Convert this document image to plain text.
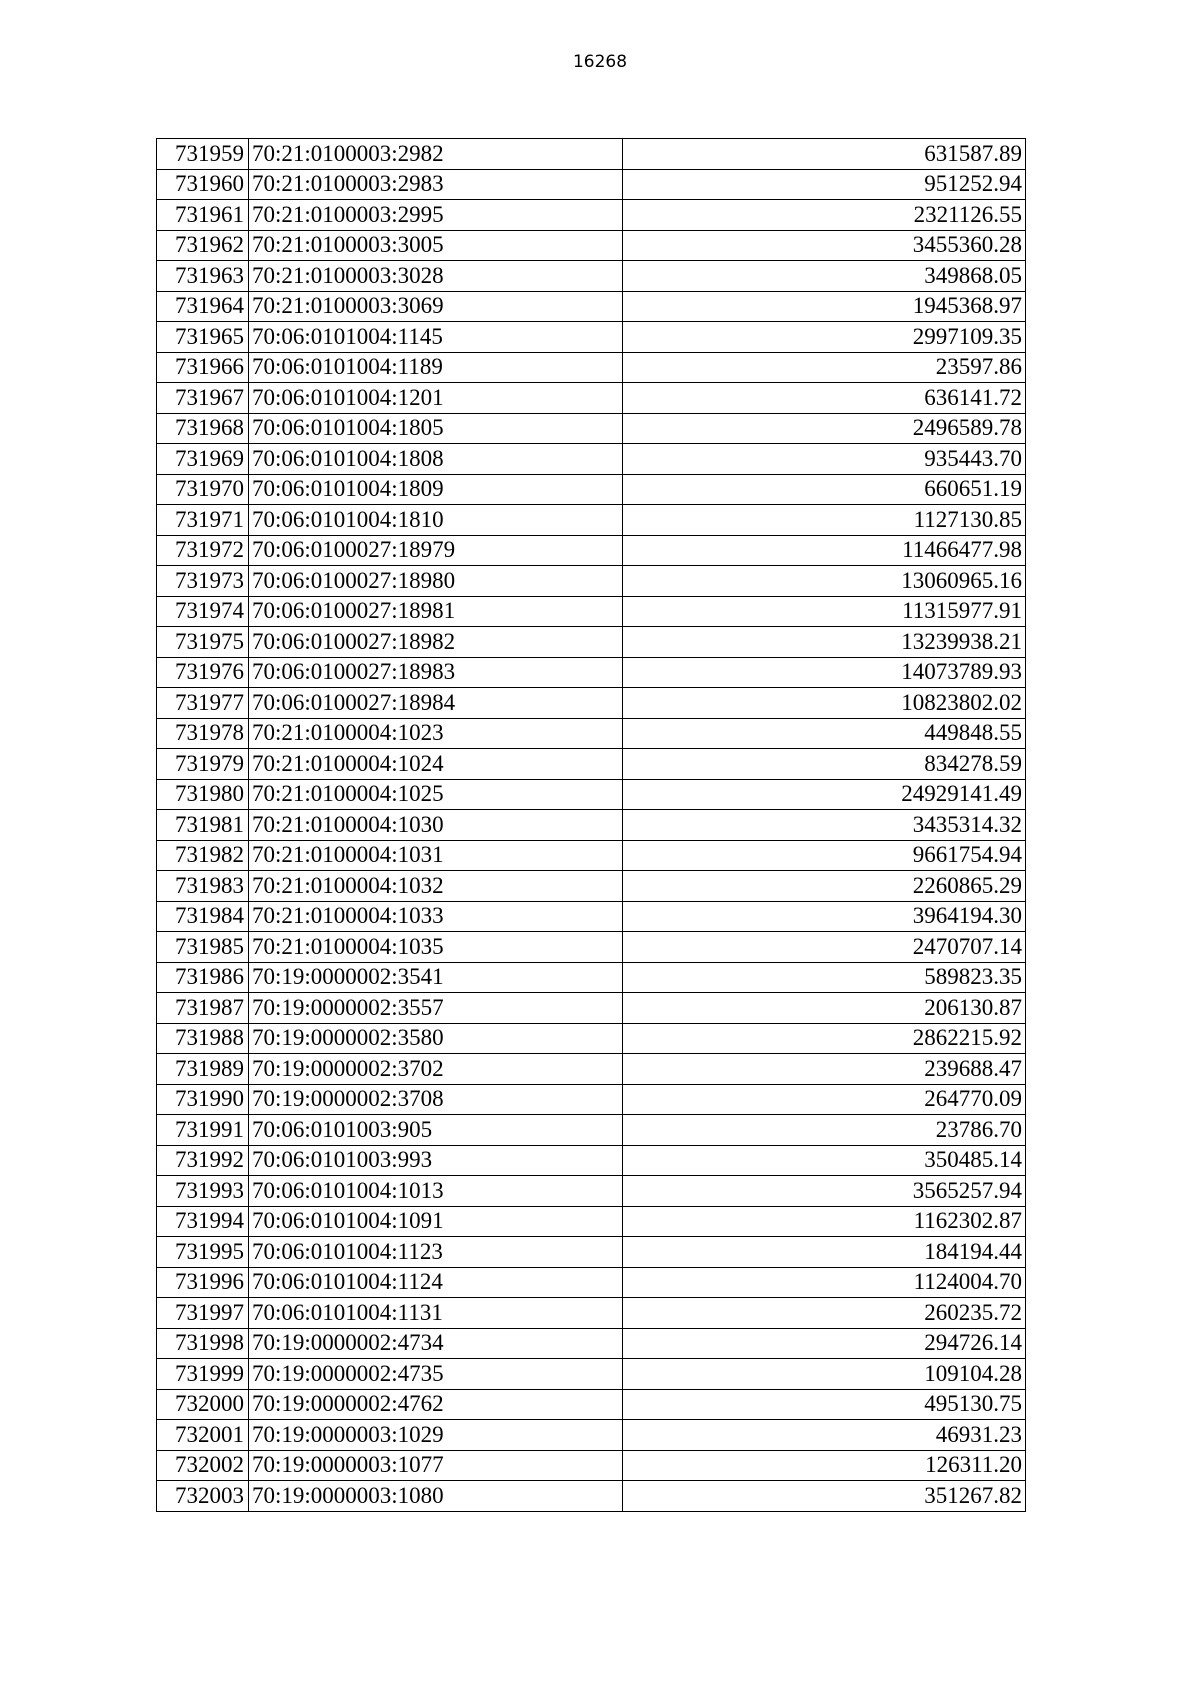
16268
731959	70:21:0100003:2982	631587.89
731960	70:21:0100003:2983	951252.94
731961	70:21:0100003:2995	2321126.55
731962	70:21:0100003:3005	3455360.28
731963	70:21:0100003:3028	349868.05
731964	70:21:0100003:3069	1945368.97
731965	70:06:0101004:1145	2997109.35
731966	70:06:0101004:1189	23597.86
731967	70:06:0101004:1201	636141.72
731968	70:06:0101004:1805	2496589.78
731969	70:06:0101004:1808	935443.70
731970	70:06:0101004:1809	660651.19
731971	70:06:0101004:1810	1127130.85
731972	70:06:0100027:18979	11466477.98
731973	70:06:0100027:18980	13060965.16
731974	70:06:0100027:18981	11315977.91
731975	70:06:0100027:18982	13239938.21
731976	70:06:0100027:18983	14073789.93
731977	70:06:0100027:18984	10823802.02
731978	70:21:0100004:1023	449848.55
731979	70:21:0100004:1024	834278.59
731980	70:21:0100004:1025	24929141.49
731981	70:21:0100004:1030	3435314.32
731982	70:21:0100004:1031	9661754.94
731983	70:21:0100004:1032	2260865.29
731984	70:21:0100004:1033	3964194.30
731985	70:21:0100004:1035	2470707.14
731986	70:19:0000002:3541	589823.35
731987	70:19:0000002:3557	206130.87
731988	70:19:0000002:3580	2862215.92
731989	70:19:0000002:3702	239688.47
731990	70:19:0000002:3708	264770.09
731991	70:06:0101003:905	23786.70
731992	70:06:0101003:993	350485.14
731993	70:06:0101004:1013	3565257.94
731994	70:06:0101004:1091	1162302.87
731995	70:06:0101004:1123	184194.44
731996	70:06:0101004:1124	1124004.70
731997	70:06:0101004:1131	260235.72
731998	70:19:0000002:4734	294726.14
731999	70:19:0000002:4735	109104.28
732000	70:19:0000002:4762	495130.75
732001	70:19:0000003:1029	46931.23
732002	70:19:0000003:1077	126311.20
732003	70:19:0000003:1080	351267.82
